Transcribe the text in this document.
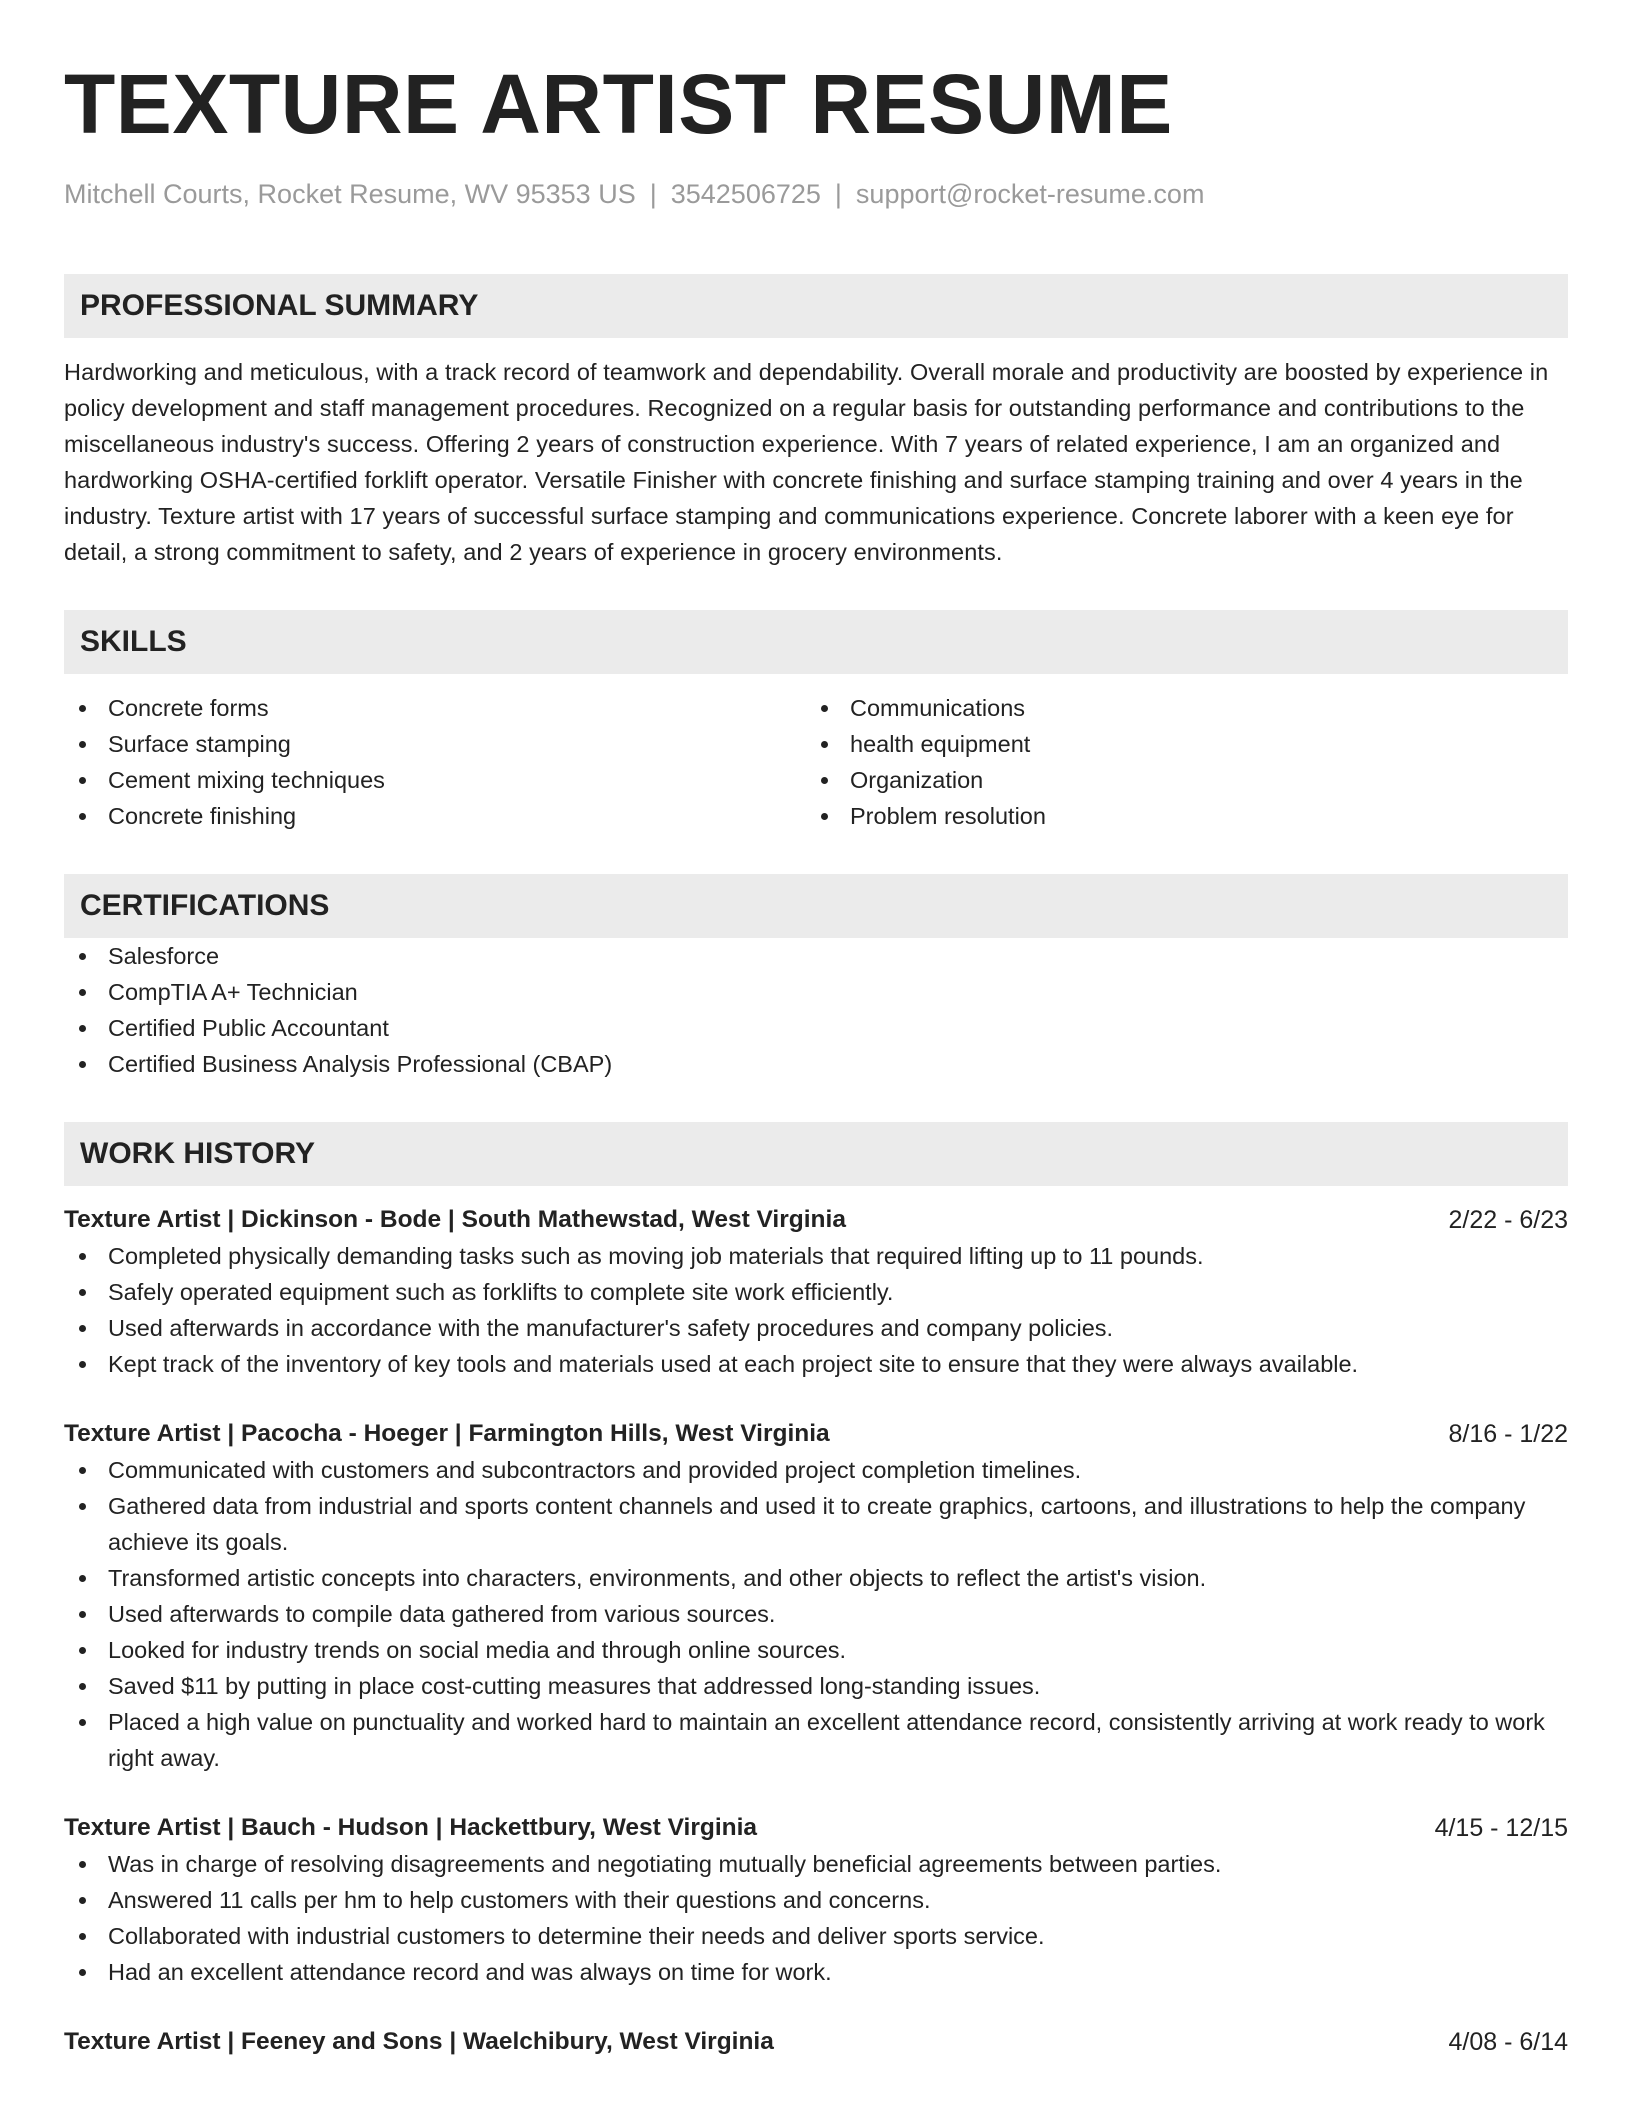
TEXTURE ARTIST RESUME
Mitchell Courts, Rocket Resume, WV 95353 US | 3542506725 | support@rocket-resume.com
PROFESSIONAL SUMMARY

Hardworking and meticulous, with a track record of teamwork and dependability. Overall morale and productivity are boosted by experience in policy development and staff management procedures. Recognized on a regular basis for outstanding performance and contributions to the miscellaneous industry's success. Offering 2 years of construction experience. With 7 years of related experience, I am an organized and hardworking OSHA-certified forklift operator. Versatile Finisher with concrete finishing and surface stamping training and over 4 years in the industry. Texture artist with 17 years of successful surface stamping and communications experience. Concrete laborer with a keen eye for detail, a strong commitment to safety, and 2 years of experience in grocery environments.

SKILLS
Concrete forms
Surface stamping
Cement mixing techniques
Concrete finishing
Communications
health equipment
Organization
Problem resolution
CERTIFICATIONS
Salesforce
CompTIA A+ Technician
Certified Public Accountant
Certified Business Analysis Professional (CBAP)
WORK HISTORY
Texture Artist | Dickinson - Bode | South Mathewstad, West Virginia	2/22 - 6/23
Completed physically demanding tasks such as moving job materials that required lifting up to 11 pounds.
Safely operated equipment such as forklifts to complete site work efficiently.
Used afterwards in accordance with the manufacturer's safety procedures and company policies.
Kept track of the inventory of key tools and materials used at each project site to ensure that they were always available.
Texture Artist | Pacocha - Hoeger | Farmington Hills, West Virginia	8/16 - 1/22
Communicated with customers and subcontractors and provided project completion timelines.
Gathered data from industrial and sports content channels and used it to create graphics, cartoons, and illustrations to help the company achieve its goals.
Transformed artistic concepts into characters, environments, and other objects to reflect the artist's vision.
Used afterwards to compile data gathered from various sources.
Looked for industry trends on social media and through online sources.
Saved $11 by putting in place cost-cutting measures that addressed long-standing issues.
Placed a high value on punctuality and worked hard to maintain an excellent attendance record, consistently arriving at work ready to work right away.
Texture Artist | Bauch - Hudson | Hackettbury, West Virginia	4/15 - 12/15
Was in charge of resolving disagreements and negotiating mutually beneficial agreements between parties.
Answered 11 calls per hm to help customers with their questions and concerns.
Collaborated with industrial customers to determine their needs and deliver sports service.
Had an excellent attendance record and was always on time for work.
Texture Artist | Feeney and Sons | Waelchibury, West Virginia	4/08 - 6/14
